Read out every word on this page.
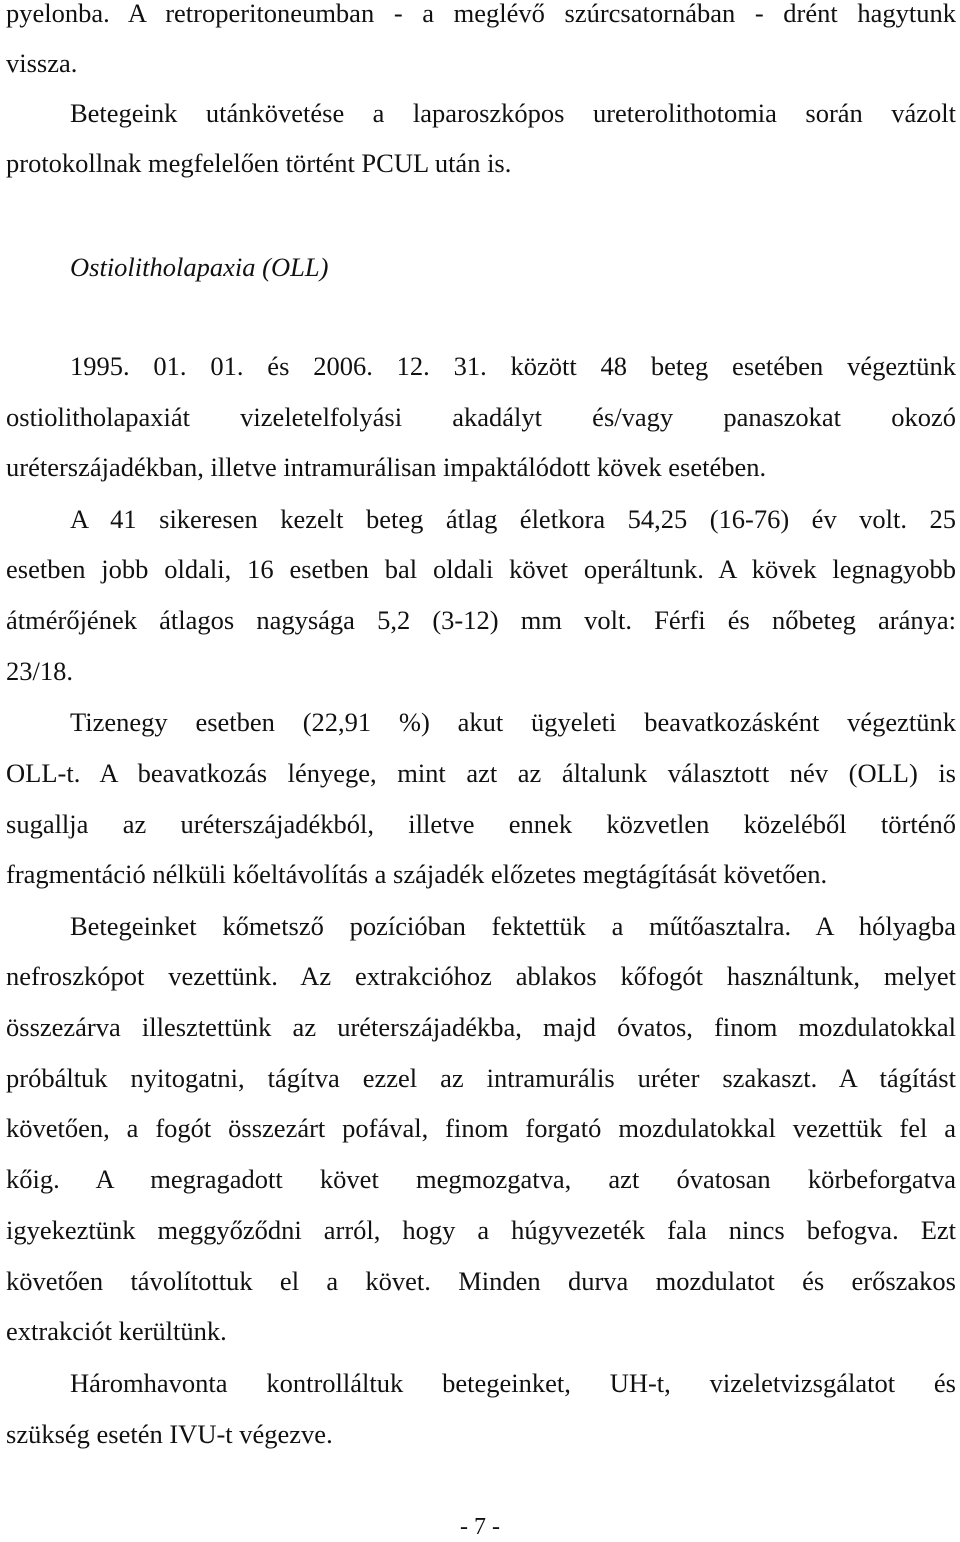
pyelonba. A retroperitoneumban - a meglévő szúrcsatornában - drént hagytunk
vissza.
Betegeink utánkövetése a laparoszkópos ureterolithotomia során vázolt
protokollnak megfelelően történt PCUL után is.
Ostiolitholapaxia (OLL)
1995. 01. 01. és 2006. 12. 31. között 48 beteg esetében végeztünk
ostiolitholapaxiát vizeletelfolyási akadályt és/vagy panaszokat okozó
uréterszájadékban, illetve intramurálisan impaktálódott kövek esetében.
A 41 sikeresen kezelt beteg átlag életkora 54,25 (16-76) év volt. 25
esetben jobb oldali, 16 esetben bal oldali követ operáltunk. A kövek legnagyobb
átmérőjének átlagos nagysága 5,2 (3-12) mm volt. Férfi és nőbeteg aránya:
23/18.
Tizenegy esetben (22,91 %) akut ügyeleti beavatkozásként végeztünk
OLL-t. A beavatkozás lényege, mint azt az általunk választott név (OLL) is
sugallja az uréterszájadékból, illetve ennek közvetlen közeléből történő
fragmentáció nélküli kőeltávolítás a szájadék előzetes megtágítását követően.
Betegeinket kőmetsző pozícióban fektettük a műtőasztalra. A hólyagba
nefroszkópot vezettünk. Az extrakcióhoz ablakos kőfogót használtunk, melyet
összezárva illesztettünk az uréterszájadékba, majd óvatos, finom mozdulatokkal
próbáltuk nyitogatni, tágítva ezzel az intramurális uréter szakaszt. A tágítást
követően, a fogót összezárt pofával, finom forgató mozdulatokkal vezettük fel a
kőig. A megragadott követ megmozgatva, azt óvatosan körbeforgatva
igyekeztünk meggyőződni arról, hogy a húgyvezeték fala nincs befogva. Ezt
követően távolítottuk el a követ. Minden durva mozdulatot és erőszakos
extrakciót kerültünk.
Háromhavonta kontrolláltuk betegeinket, UH-t, vizeletvizsgálatot és
szükség esetén IVU-t végezve.
- 7 -
